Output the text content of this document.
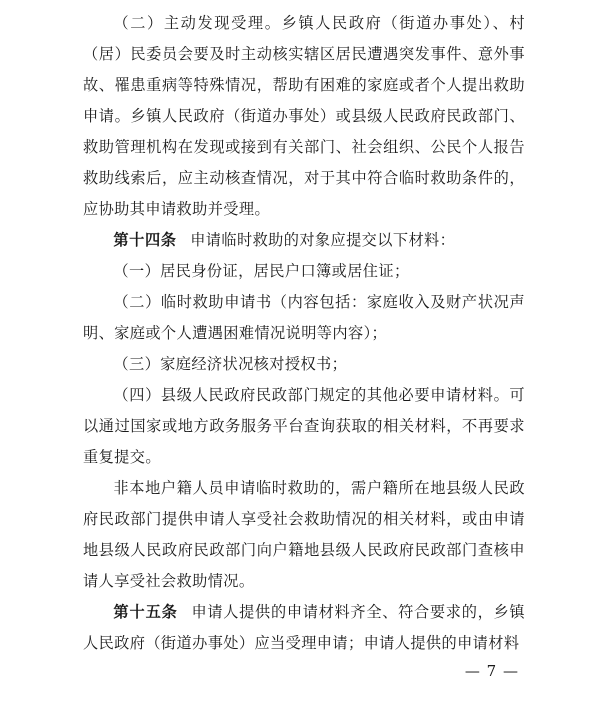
（二）主动发现受理。乡镇人民政府（街道办事处）、村（居）民委员会要及时主动核实辖区居民遭遇突发事件、意外事故、罹患重病等特殊情况，帮助有困难的家庭或者个人提出救助申请。乡镇人民政府（街道办事处）或县级人民政府民政部门、救助管理机构在发现或接到有关部门、社会组织、公民个人报告救助线索后，应主动核查情况，对于其中符合临时救助条件的，应协助其申请救助并受理。

第十四条 申请临时救助的对象应提交以下材料：

（一）居民身份证，居民户口簿或居住证；

（二）临时救助申请书（内容包括：家庭收入及财产状况声明、家庭或个人遭遇困难情况说明等内容）；

（三）家庭经济状况核对授权书；

（四）县级人民政府民政部门规定的其他必要申请材料。可以通过国家或地方政务服务平台查询获取的相关材料，不再要求重复提交。

非本地户籍人员申请临时救助的，需户籍所在地县级人民政府民政部门提供申请人享受社会救助情况的相关材料，或由申请地县级人民政府民政部门向户籍地县级人民政府民政部门查核申请人享受社会救助情况。

第十五条 申请人提供的申请材料齐全、符合要求的，乡镇人民政府（街道办事处）应当受理申请；申请人提供的申请材料

— 7 —
